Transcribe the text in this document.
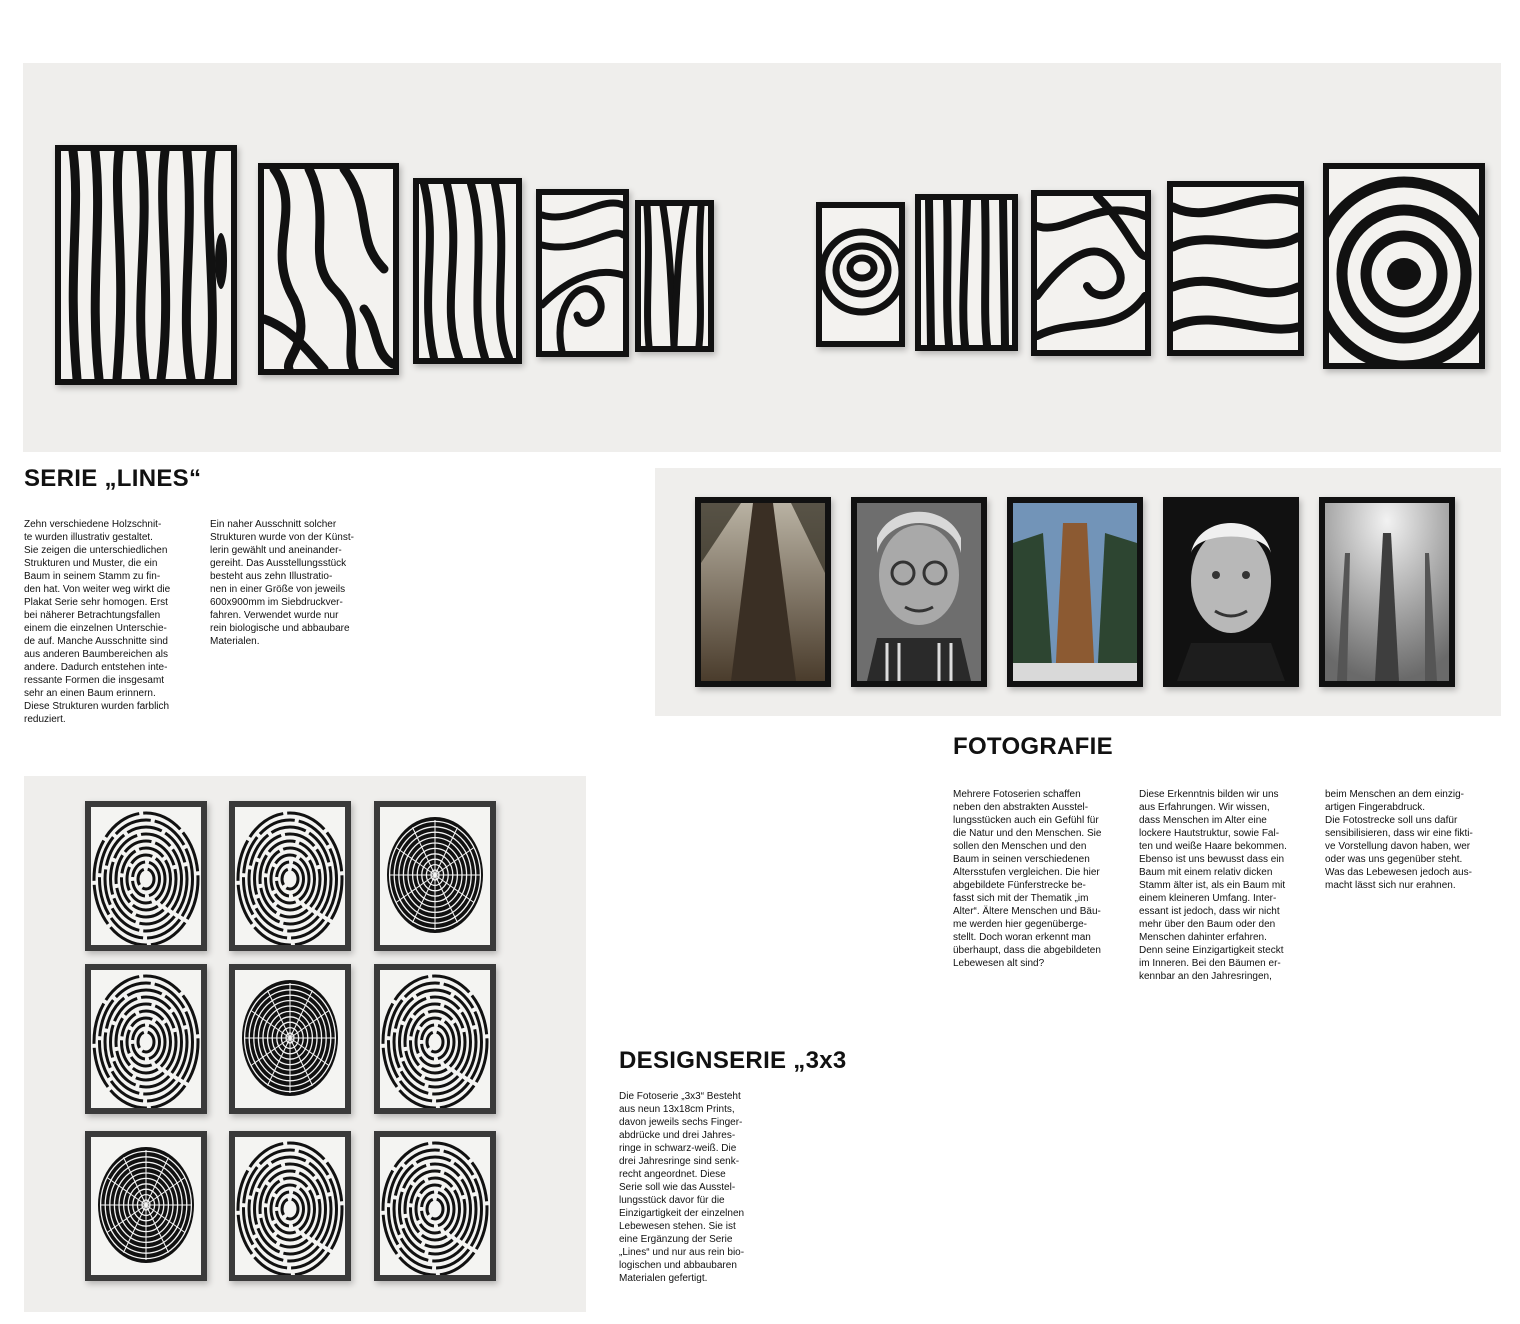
SERIE „LINES“

Zehn verschiedene Holzschnit-
te wurden illustrativ gestaltet.
Sie zeigen die unterschiedlichen
Strukturen und Muster, die ein
Baum in seinem Stamm zu fin-
den hat. Von weiter weg wirkt die
Plakat Serie sehr homogen. Erst
bei näherer Betrachtungsfallen
einem die einzelnen Unterschie-
de auf. Manche Ausschnitte sind
aus anderen Baumbereichen als
andere. Dadurch entstehen inte-
ressante Formen die insgesamt
sehr an einen Baum erinnern.
Diese Strukturen wurden farblich
reduziert.

Ein naher Ausschnitt solcher
Strukturen wurde von der Künst-
lerin gewählt und aneinander-
gereiht. Das Ausstellungsstück
besteht aus zehn Illustratio-
nen in einer Größe von jeweils
600x900mm im Siebdruckver-
fahren. Verwendet wurde nur
rein biologische und abbaubare
Materialen.

FOTOGRAFIE

Mehrere Fotoserien schaffen
neben den abstrakten Ausstel-
lungsstücken auch ein Gefühl für
die Natur und den Menschen. Sie
sollen den Menschen und den
Baum in seinen verschiedenen
Altersstufen vergleichen. Die hier
abgebildete Fünferstrecke be-
fasst sich mit der Thematik „im
Alter“. Ältere Menschen und Bäu-
me werden hier gegenüberge-
stellt. Doch woran erkennt man
überhaupt, dass die abgebildeten
Lebewesen alt sind?

Diese Erkenntnis bilden wir uns
aus Erfahrungen. Wir wissen,
dass Menschen im Alter eine
lockere Hautstruktur, sowie Fal-
ten und weiße Haare bekommen.
Ebenso ist uns bewusst dass ein
Baum mit einem relativ dicken
Stamm älter ist, als ein Baum mit
einem kleineren Umfang. Inter-
essant ist jedoch, dass wir nicht
mehr über den Baum oder den
Menschen dahinter erfahren.
Denn seine Einzigartigkeit steckt
im Inneren. Bei den Bäumen er-
kennbar an den Jahresringen,

beim Menschen an dem einzig-
artigen Fingerabdruck.
Die Fotostrecke soll uns dafür
sensibilisieren, dass wir eine fikti-
ve Vorstellung davon haben, wer
oder was uns gegenüber steht.
Was das Lebewesen jedoch aus-
macht lässt sich nur erahnen.

DESIGNSERIE „3x3

Die Fotoserie „3x3“ Besteht
aus neun 13x18cm Prints,
davon jeweils sechs Finger-
abdrücke und drei Jahres-
ringe in schwarz-weiß. Die
drei Jahresringe sind senk-
recht angeordnet. Diese
Serie soll wie das Ausstel-
lungsstück davor für die
Einzigartigkeit der einzelnen
Lebewesen stehen. Sie ist
eine Ergänzung der Serie
„Lines“ und nur aus rein bio-
logischen und abbaubaren
Materialen gefertigt.
